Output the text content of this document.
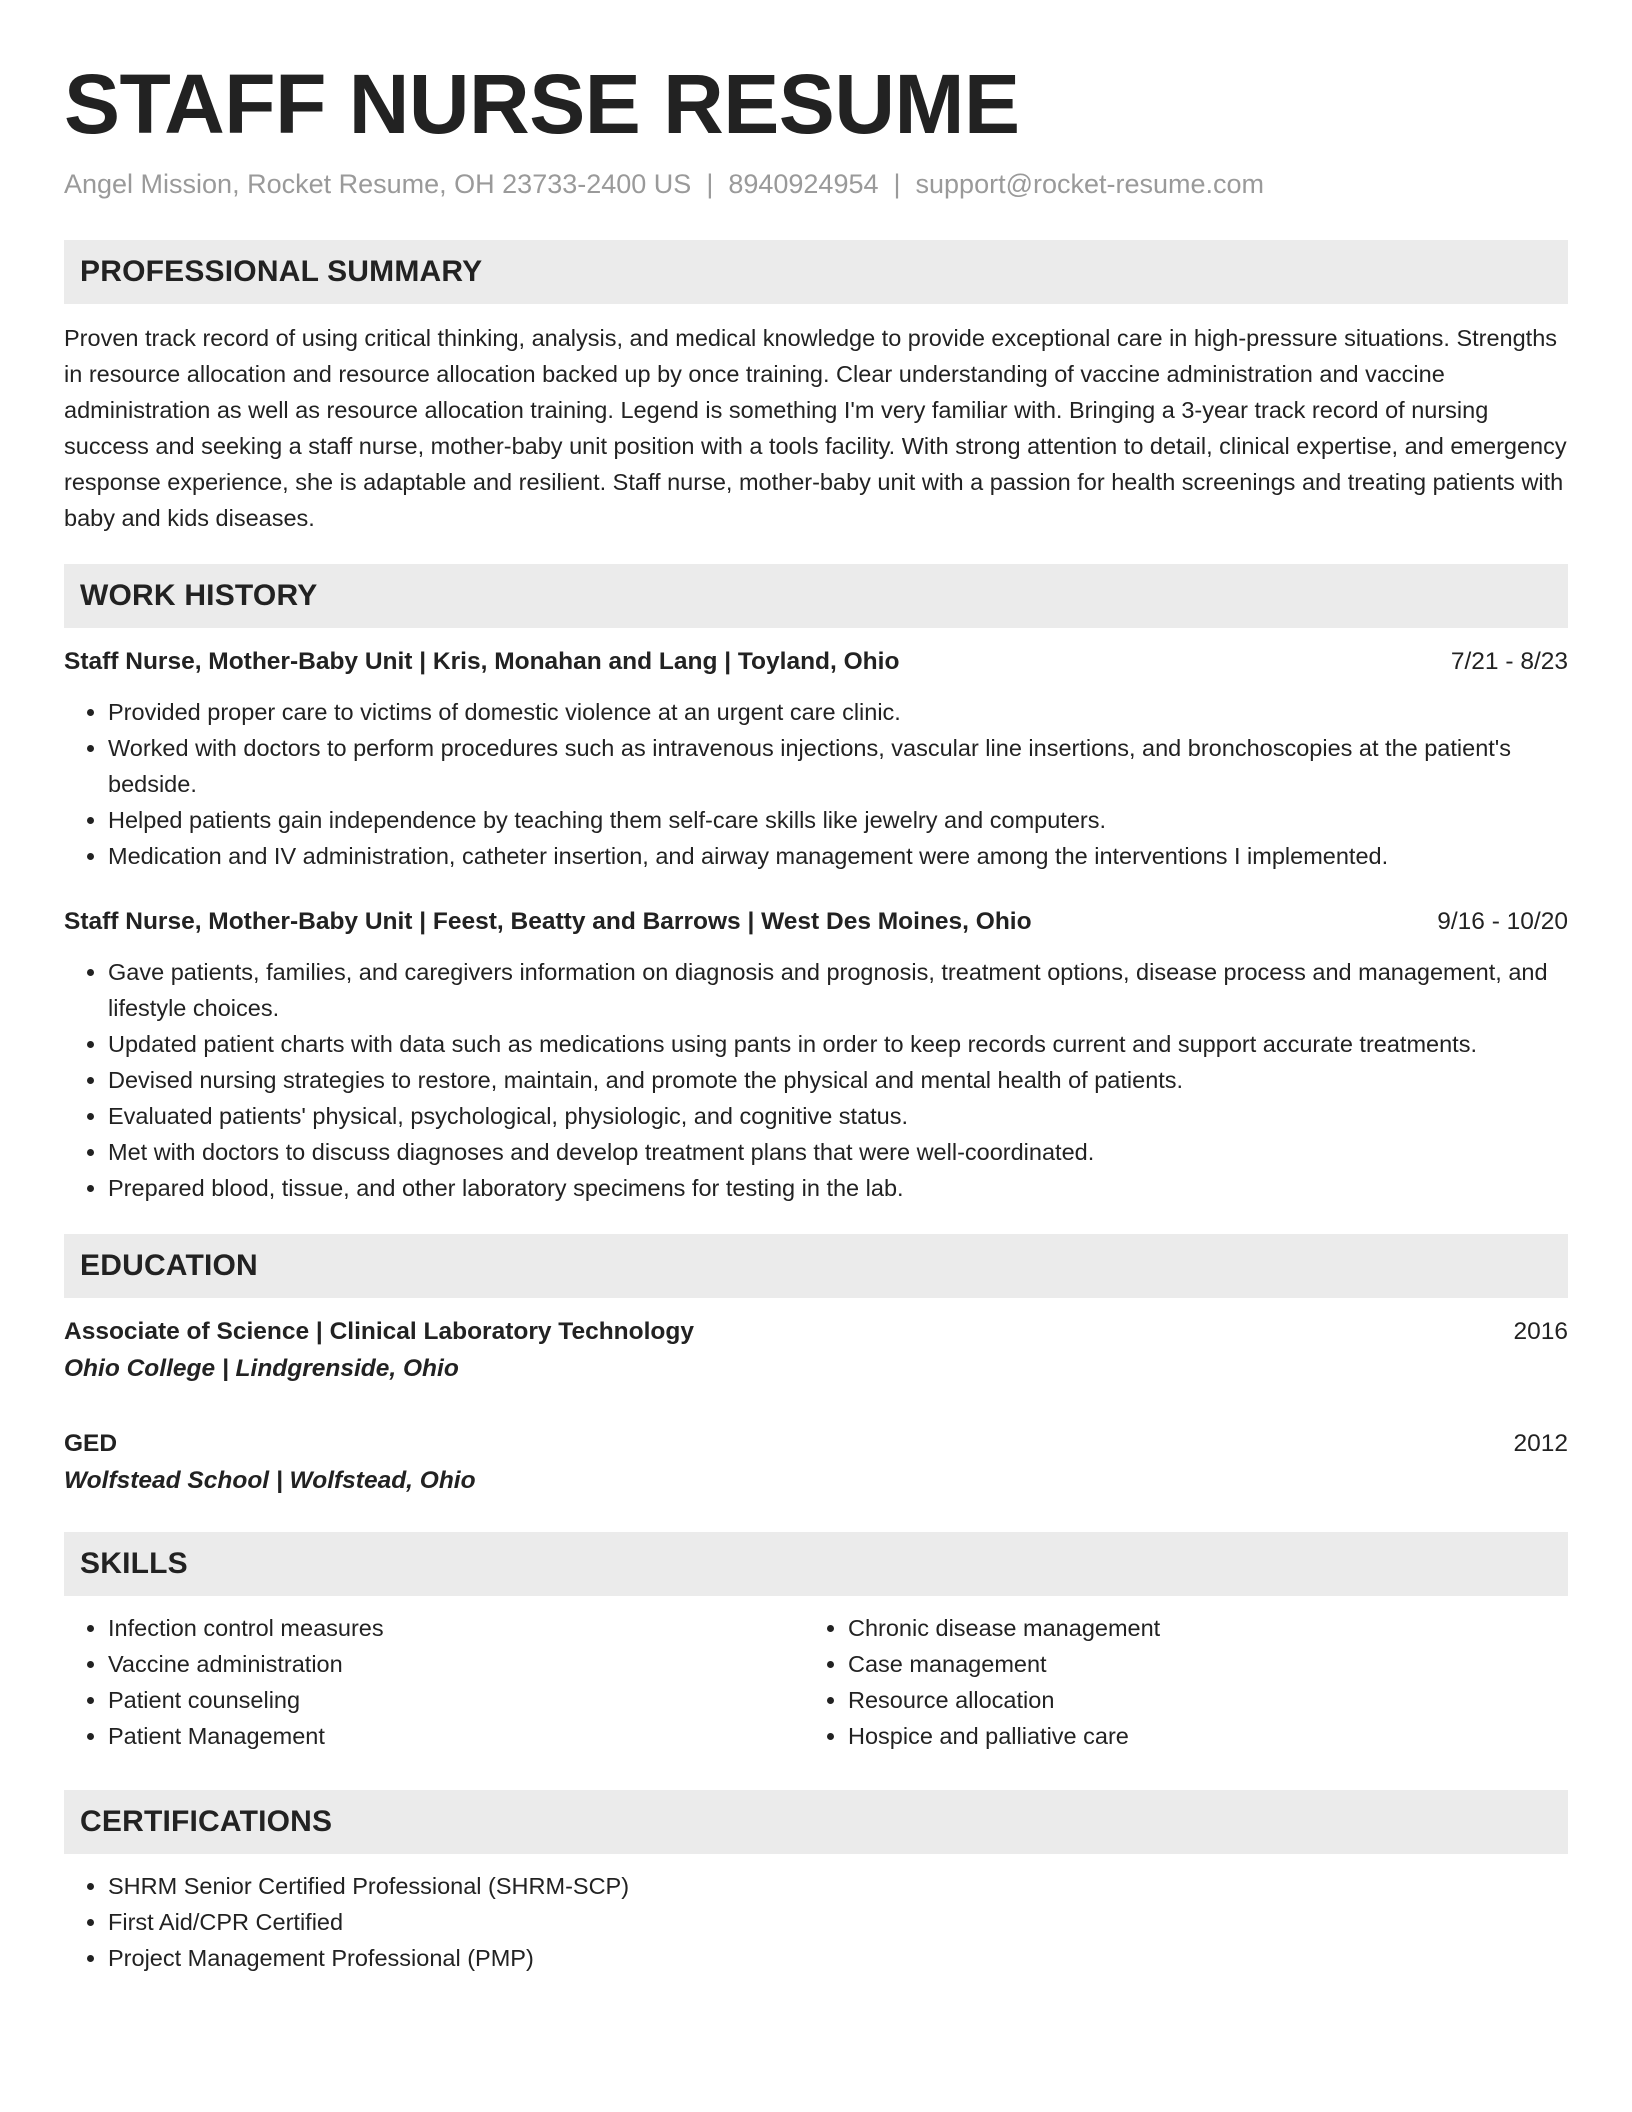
STAFF NURSE RESUME
Angel Mission, Rocket Resume, OH 23733-2400 US | 8940924954 | support@rocket-resume.com
PROFESSIONAL SUMMARY

Proven track record of using critical thinking, analysis, and medical knowledge to provide exceptional care in high-pressure situations. Strengths in resource allocation and resource allocation backed up by once training. Clear understanding of vaccine administration and vaccine administration as well as resource allocation training. Legend is something I'm very familiar with. Bringing a 3-year track record of nursing success and seeking a staff nurse, mother-baby unit position with a tools facility. With strong attention to detail, clinical expertise, and emergency response experience, she is adaptable and resilient. Staff nurse, mother-baby unit with a passion for health screenings and treating patients with baby and kids diseases.

WORK HISTORY
Staff Nurse, Mother-Baby Unit | Kris, Monahan and Lang | Toyland, Ohio	7/21 - 8/23
• Provided proper care to victims of domestic violence at an urgent care clinic.
• Worked with doctors to perform procedures such as intravenous injections, vascular line insertions, and bronchoscopies at the patient's bedside.
• Helped patients gain independence by teaching them self-care skills like jewelry and computers.
• Medication and IV administration, catheter insertion, and airway management were among the interventions I implemented.
Staff Nurse, Mother-Baby Unit | Feest, Beatty and Barrows | West Des Moines, Ohio	9/16 - 10/20
• Gave patients, families, and caregivers information on diagnosis and prognosis, treatment options, disease process and management, and lifestyle choices.
• Updated patient charts with data such as medications using pants in order to keep records current and support accurate treatments.
• Devised nursing strategies to restore, maintain, and promote the physical and mental health of patients.
• Evaluated patients' physical, psychological, physiologic, and cognitive status.
• Met with doctors to discuss diagnoses and develop treatment plans that were well-coordinated.
• Prepared blood, tissue, and other laboratory specimens for testing in the lab.
EDUCATION
Associate of Science | Clinical Laboratory Technology	2016
Ohio College | Lindgrenside, Ohio
GED	2012
Wolfstead School | Wolfstead, Ohio
SKILLS
• Infection control measures
• Vaccine administration
• Patient counseling
• Patient Management
• Chronic disease management
• Case management
• Resource allocation
• Hospice and palliative care
CERTIFICATIONS
• SHRM Senior Certified Professional (SHRM-SCP)
• First Aid/CPR Certified
• Project Management Professional (PMP)
